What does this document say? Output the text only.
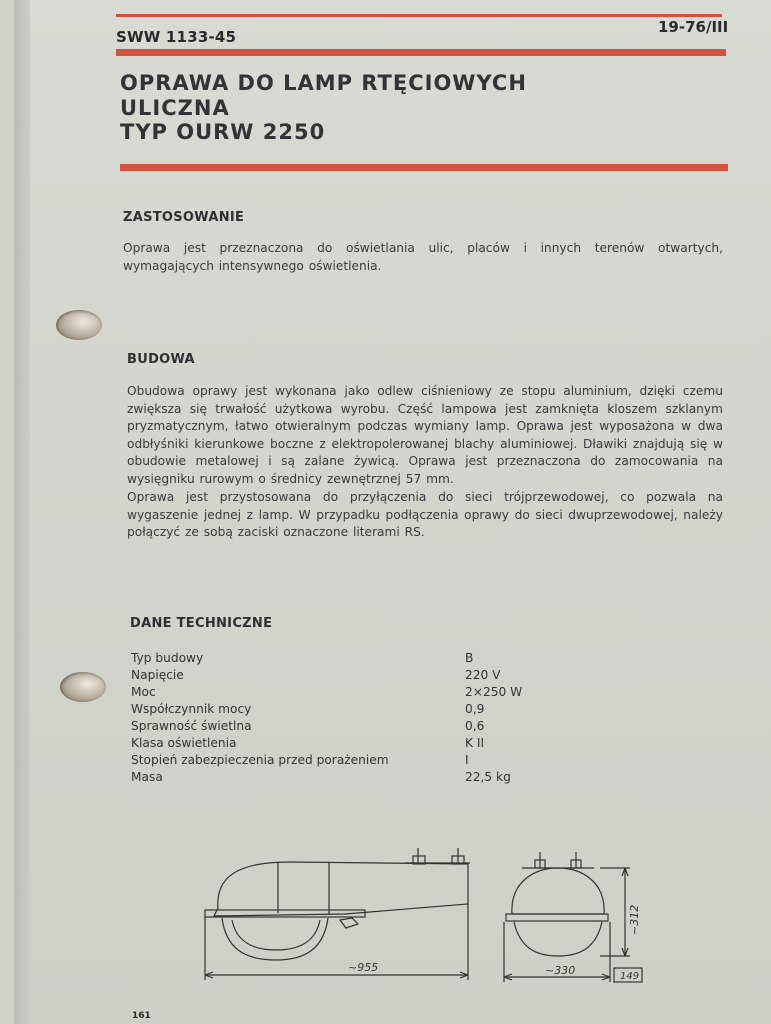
SWW 1133-45
19-76/III
OPRAWA DO LAMP RTĘCIOWYCH
ULICZNA
TYP OURW 2250
ZASTOSOWANIE
Oprawa jest przeznaczona do oświetlania ulic, placów i innych terenów otwartych, wymagających intensywnego oświetlenia.
BUDOWA
Obudowa oprawy jest wykonana jako odlew ciśnieniowy ze stopu aluminium, dzięki czemu zwiększa się trwałość użytkowa wyrobu. Część lampowa jest zamknięta kloszem szklanym pryzmatycznym, łatwo otwieralnym podczas wymiany lamp. Oprawa jest wyposażona w dwa odbłyśniki kierunkowe boczne z elektropolerowanej blachy aluminiowej. Dławiki znajdują się w obudowie metalowej i są zalane żywicą. Oprawa jest przeznaczona do zamocowania na wysięgniku rurowym o średnicy zewnętrznej 57 mm.
Oprawa jest przystosowana do przyłączenia do sieci trójprzewodowej, co pozwala na wygaszenie jednej z lamp. W przypadku podłączenia oprawy do sieci dwuprzewodowej, należy połączyć ze sobą zaciski oznaczone literami RS.
DANE TECHNICZNE
Typ budowy	B
Napięcie	220 V
Moc	2×250 W
Współczynnik mocy	0,9
Sprawność świetlna	0,6
Klasa oświetlenia	K II
Stopień zabezpieczenia przed porażeniem	I
Masa	22,5 kg
~955	~330
~312
149
161
